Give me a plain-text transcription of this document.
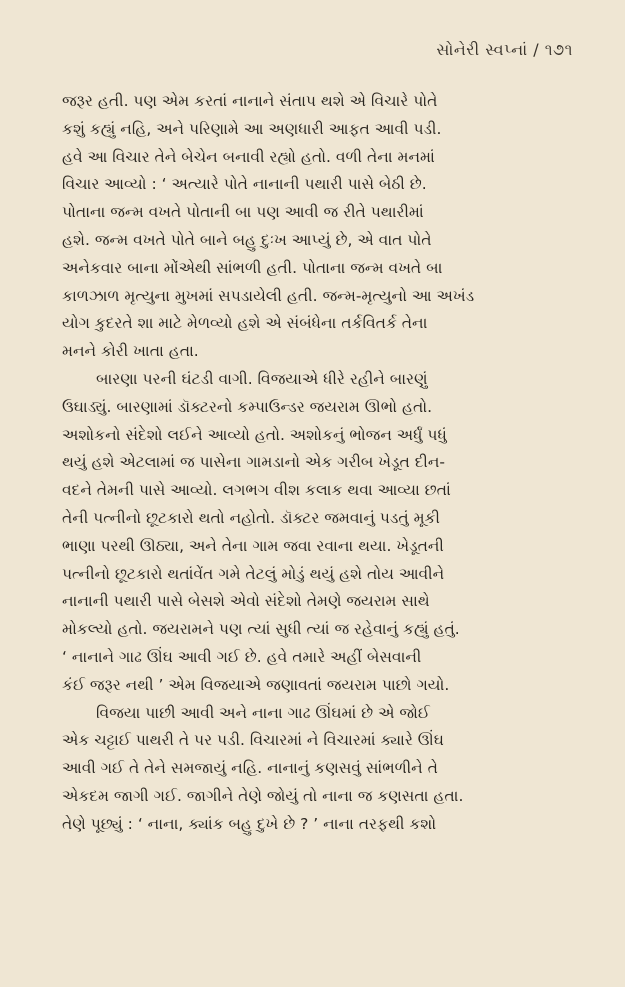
સોનેરી સ્વપ્નાં / ૧૭૧

જરૂર હતી. પણ એમ કરતાં નાનાને સંતાપ થશે એ વિચારે પોતે
કશું કહ્યું નહિ, અને પરિણામે આ અણધારી આફત આવી પડી.
હવે આ વિચાર તેને બેચેન બનાવી રહ્યો હતો. વળી તેના મનમાં
વિચાર આવ્યો : ‘ અત્યારે પોતે નાનાની પથારી પાસે બેઠી છે.
પોતાના જન્મ વખતે પોતાની બા પણ આવી જ રીતે પથારીમાં
હશે. જન્મ વખતે પોતે બાને બહુ દુઃખ આપ્યું છે, એ વાત પોતે
અનેકવાર બાના મોંએથી સાંભળી હતી. પોતાના જન્મ વખતે બા
કાળઝાળ મૃત્યુના મુખમાં સપડાયેલી હતી. જન્મ-મૃત્યુનો આ અખંડ
યોગ કુદરતે શા માટે મેળવ્યો હશે એ સંબંધેના તર્કવિતર્ક તેના
મનને કોરી ખાતા હતા.

બારણા પરની ઘંટડી વાગી. વિજયાએ ધીરે રહીને બારણું
ઉઘાડ્યું. બારણામાં ડૉક્ટરનો કમ્પાઉન્ડર જયરામ ઊભો હતો.
અશોકનો સંદેશો લઈને આવ્યો હતો. અશોકનું ભોજન અર્ધું પધું
થયું હશે એટલામાં જ પાસેના ગામડાનો એક ગરીબ ખેડૂત દીન-
વદને તેમની પાસે આવ્યો. લગભગ વીશ કલાક થવા આવ્યા છતાં
તેની પત્નીનો છૂટકારો થતો નહોતો. ડૉક્ટર જમવાનું પડતું મૂકી
ભાણા પરથી ઊઠ્યા, અને તેના ગામ જવા રવાના થયા. ખેડૂતની
પત્નીનો છૂટકારો થતાંવેંત ગમે તેટલું મોડું થયું હશે તોય આવીને
નાનાની પથારી પાસે બેસશે એવો સંદેશો તેમણે જયરામ સાથે
મોકલ્યો હતો. જયરામને પણ ત્યાં સુધી ત્યાં જ રહેવાનું કહ્યું હતું.
‘ નાનાને ગાઢ ઊંઘ આવી ગઈ છે. હવે તમારે અહીં બેસવાની
કંઈ જરૂર નથી ’ એમ વિજયાએ જણાવતાં જયરામ પાછો ગયો.

વિજયા પાછી આવી અને નાના ગાઢ ઊંઘમાં છે એ જોઈ
એક ચટ્ટાઈ પાથરી તે પર પડી. વિચારમાં ને વિચારમાં ક્યારે ઊંઘ
આવી ગઈ તે તેને સમજાયું નહિ. નાનાનું કણસવું સાંભળીને તે
એકદમ જાગી ગઈ. જાગીને તેણે જોયું તો નાના જ કણસતા હતા.
તેણે પૂછ્યું : ‘ નાના, ક્યાંક બહુ દુખે છે ? ’ નાના તરફથી કશો
